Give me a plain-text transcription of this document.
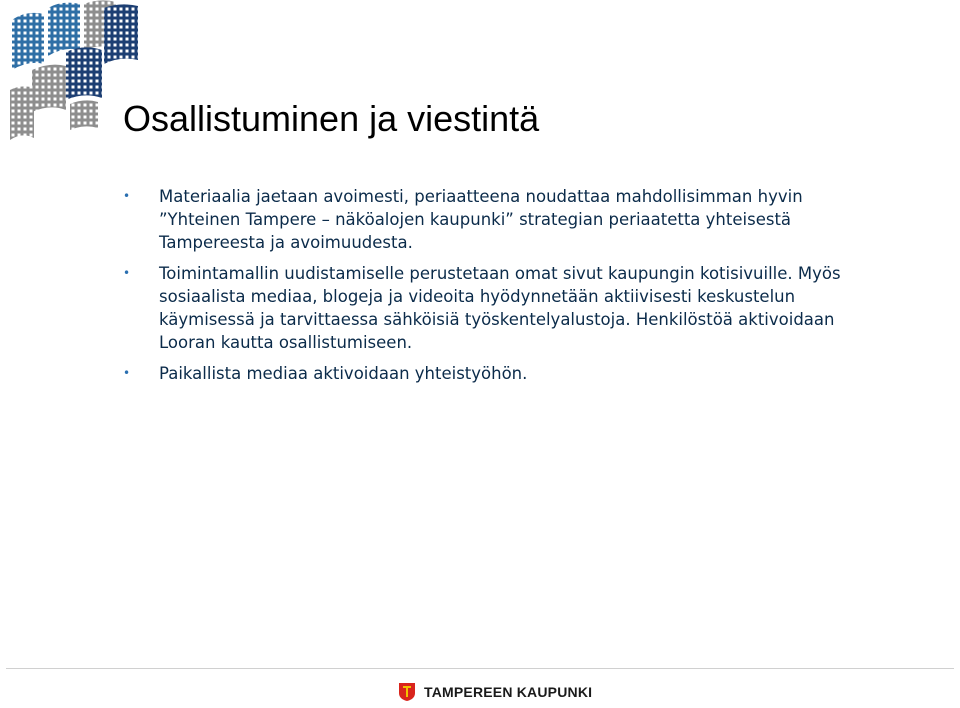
Osallistuminen ja viestintä
• Materiaalia jaetaan avoimesti, periaatteena noudattaa mahdollisimman hyvin
”Yhteinen Tampere – näköalojen kaupunki” strategian periaatetta yhteisestä
Tampereesta ja avoimuudesta.
• Toimintamallin uudistamiselle perustetaan omat sivut kaupungin kotisivuille. Myös
sosiaalista mediaa, blogeja ja videoita hyödynnetään aktiivisesti keskustelun
käymisessä ja tarvittaessa sähköisiä työskentelyalustoja. Henkilöstöä aktivoidaan
Looran kautta osallistumiseen.
• Paikallista mediaa aktivoidaan yhteistyöhön.
TAMPEREEN KAUPUNKI
